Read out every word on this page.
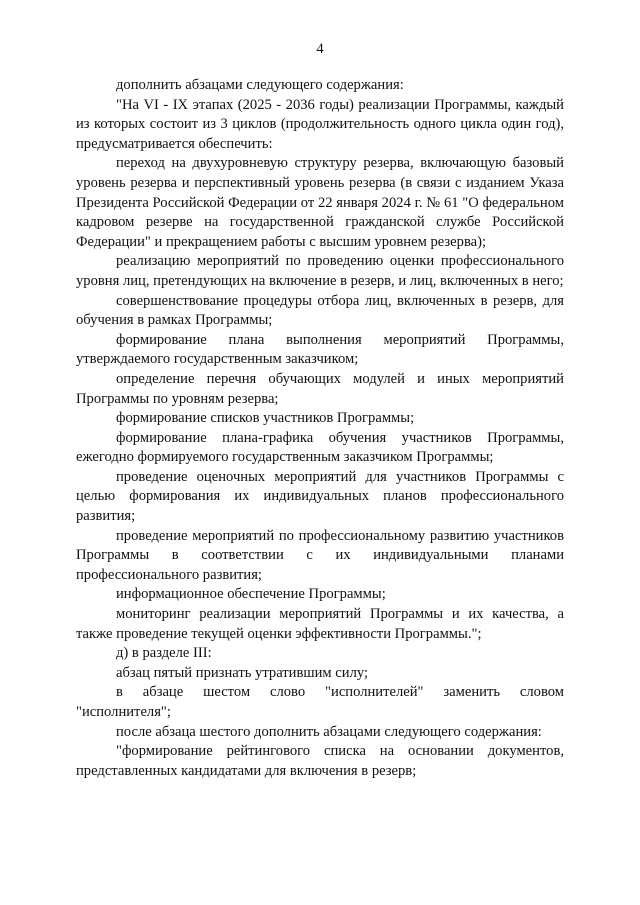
4

дополнить абзацами следующего содержания:

"На VI - IX этапах (2025 - 2036 годы) реализации Программы, каждый из которых состоит из 3 циклов (продолжительность одного цикла один год), предусматривается обеспечить:

переход на двухуровневую структуру резерва, включающую базовый уровень резерва и перспективный уровень резерва (в связи с изданием Указа Президента Российской Федерации от 22 января 2024 г. № 61 "О федеральном кадровом резерве на государственной гражданской службе Российской Федерации" и прекращением работы с высшим уровнем резерва);

реализацию мероприятий по проведению оценки профессионального уровня лиц, претендующих на включение в резерв, и лиц, включенных в него;

совершенствование процедуры отбора лиц, включенных в резерв, для обучения в рамках Программы;

формирование плана выполнения мероприятий Программы, утверждаемого государственным заказчиком;

определение перечня обучающих модулей и иных мероприятий Программы по уровням резерва;

формирование списков участников Программы;

формирование плана-графика обучения участников Программы, ежегодно формируемого государственным заказчиком Программы;

проведение оценочных мероприятий для участников Программы с целью формирования их индивидуальных планов профессионального развития;

проведение мероприятий по профессиональному развитию участников Программы в соответствии с их индивидуальными планами профессионального развития;

информационное обеспечение Программы;

мониторинг реализации мероприятий Программы и их качества, а также проведение текущей оценки эффективности Программы.";

д) в разделе III:

абзац пятый признать утратившим силу;

в абзаце шестом слово "исполнителей" заменить словом "исполнителя";

после абзаца шестого дополнить абзацами следующего содержания:

"формирование рейтингового списка на основании документов, представленных кандидатами для включения в резерв;
